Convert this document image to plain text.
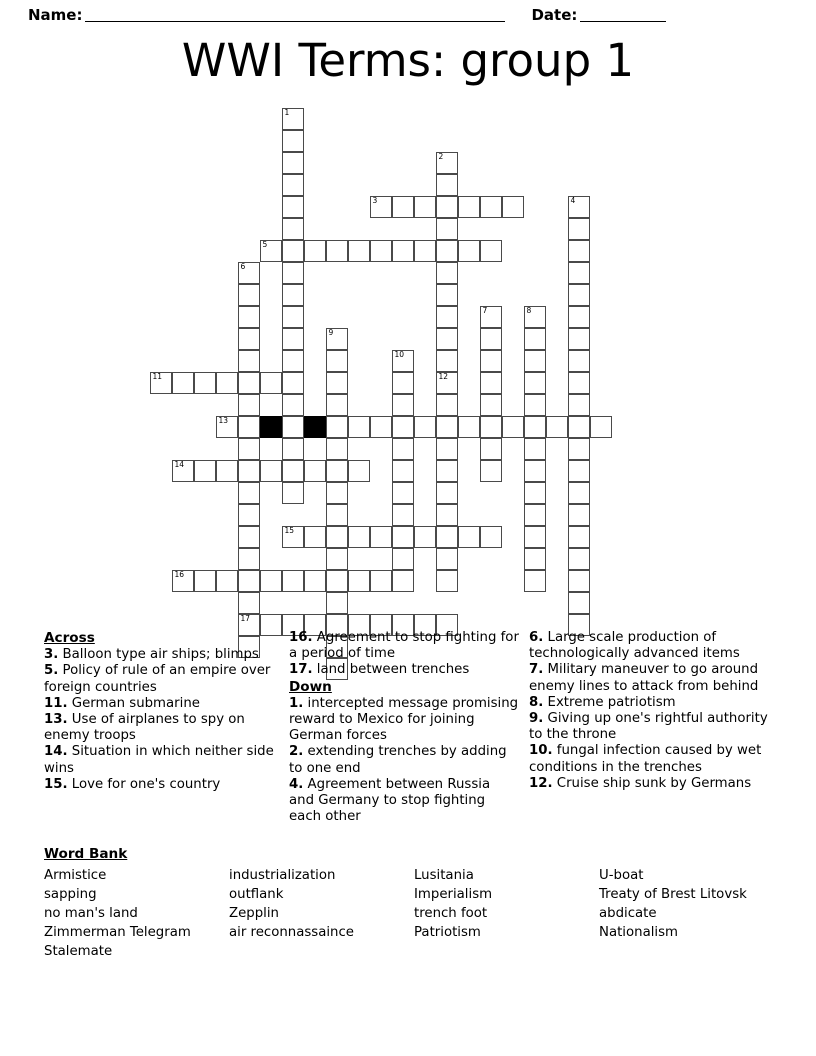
Name:	Date:
WWI Terms: group 1
1
2
3	4
5
6
7	8
9
10
11	12
13
14
15
16
17
Across
3. Balloon type air ships; blimps
5. Policy of rule of an empire over foreign countries
11. German submarine
13. Use of airplanes to spy on enemy troops
14. Situation in which neither side wins
15. Love for one's country
16. Agreement to stop fighting for a period of time
17. land between trenches
Down
1. intercepted message promising reward to Mexico for joining German forces
2. extending trenches by adding to one end
4. Agreement between Russia and Germany to stop fighting each other
6. Large scale production of technologically advanced items
7. Military maneuver to go around enemy lines to attack from behind
8. Extreme patriotism
9. Giving up one's rightful authority to the throne
10. fungal infection caused by wet conditions in the trenches
12. Cruise ship sunk by Germans
Word Bank
Armistice
sapping
no man's land
Zimmerman Telegram
Stalemate
industrialization
outflank
Zepplin
air reconnassaince
Lusitania
Imperialism
trench foot
Patriotism
U-boat
Treaty of Brest Litovsk
abdicate
Nationalism
